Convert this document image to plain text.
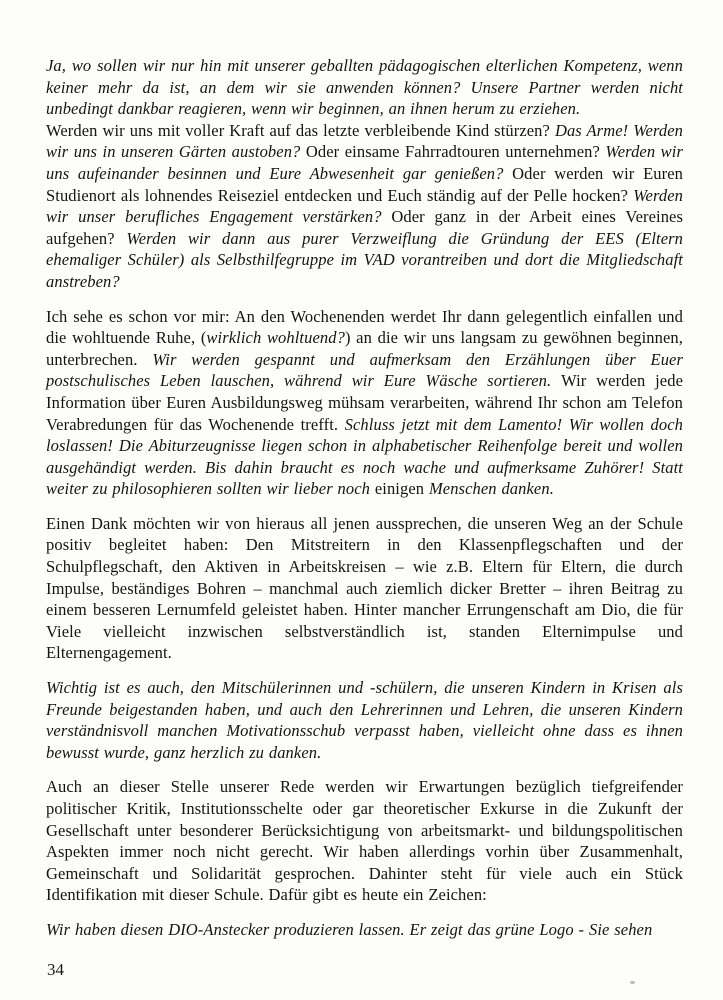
Ja, wo sollen wir nur hin mit unserer geballten pädagogischen elterlichen Kompetenz, wenn keiner mehr da ist, an dem wir sie anwenden können? Unsere Partner werden nicht unbedingt dankbar reagieren, wenn wir beginnen, an ihnen herum zu erziehen.

Werden wir uns mit voller Kraft auf das letzte verbleibende Kind stürzen? Das Arme! Werden wir uns in unseren Gärten austoben? Oder einsame Fahrradtouren unternehmen? Werden wir uns aufeinander besinnen und Eure Abwesenheit gar genießen? Oder werden wir Euren Studienort als lohnendes Reiseziel entdecken und Euch ständig auf der Pelle hocken? Werden wir unser berufliches Engagement verstärken? Oder ganz in der Arbeit eines Vereines aufgehen? Werden wir dann aus purer Verzweiflung die Gründung der EES (Eltern ehemaliger Schüler) als Selbsthilfegruppe im VAD vorantreiben und dort die Mitgliedschaft anstreben?

Ich sehe es schon vor mir: An den Wochenenden werdet Ihr dann gelegentlich einfallen und die wohltuende Ruhe, (wirklich wohltuend?) an die wir uns langsam zu gewöhnen beginnen, unterbrechen. Wir werden gespannt und aufmerksam den Erzählungen über Euer postschulisches Leben lauschen, während wir Eure Wäsche sortieren. Wir werden jede Information über Euren Ausbildungsweg mühsam verarbeiten, während Ihr schon am Telefon Verabredungen für das Wochenende trefft. Schluss jetzt mit dem Lamento! Wir wollen doch loslassen! Die Abiturzeugnisse liegen schon in alphabetischer Reihenfolge bereit und wollen ausgehändigt werden. Bis dahin braucht es noch wache und aufmerksame Zuhörer! Statt weiter zu philosophieren sollten wir lieber noch einigen Menschen danken.

Einen Dank möchten wir von hieraus all jenen aussprechen, die unseren Weg an der Schule positiv begleitet haben: Den Mitstreitern in den Klassenpflegschaften und der Schulpflegschaft, den Aktiven in Arbeitskreisen – wie z.B. Eltern für Eltern, die durch Impulse, beständiges Bohren – manchmal auch ziemlich dicker Bretter – ihren Beitrag zu einem besseren Lernumfeld geleistet haben. Hinter mancher Errungenschaft am Dio, die für Viele vielleicht inzwischen selbstverständlich ist, standen Elternimpulse und Elternengagement.

Wichtig ist es auch, den Mitschülerinnen und -schülern, die unseren Kindern in Krisen als Freunde beigestanden haben, und auch den Lehrerinnen und Lehren, die unseren Kindern verständnisvoll manchen Motivationsschub verpasst haben, vielleicht ohne dass es ihnen bewusst wurde, ganz herzlich zu danken.

Auch an dieser Stelle unserer Rede werden wir Erwartungen bezüglich tiefgreifender politischer Kritik, Institutionsschelte oder gar theoretischer Exkurse in die Zukunft der Gesellschaft unter besonderer Berücksichtigung von arbeitsmarkt- und bildungspolitischen Aspekten immer noch nicht gerecht. Wir haben allerdings vorhin über Zusammenhalt, Gemeinschaft und Solidarität gesprochen. Dahinter steht für viele auch ein Stück Identifikation mit dieser Schule. Dafür gibt es heute ein Zeichen:

Wir haben diesen DIO-Anstecker produzieren lassen. Er zeigt das grüne Logo - Sie sehen

34
